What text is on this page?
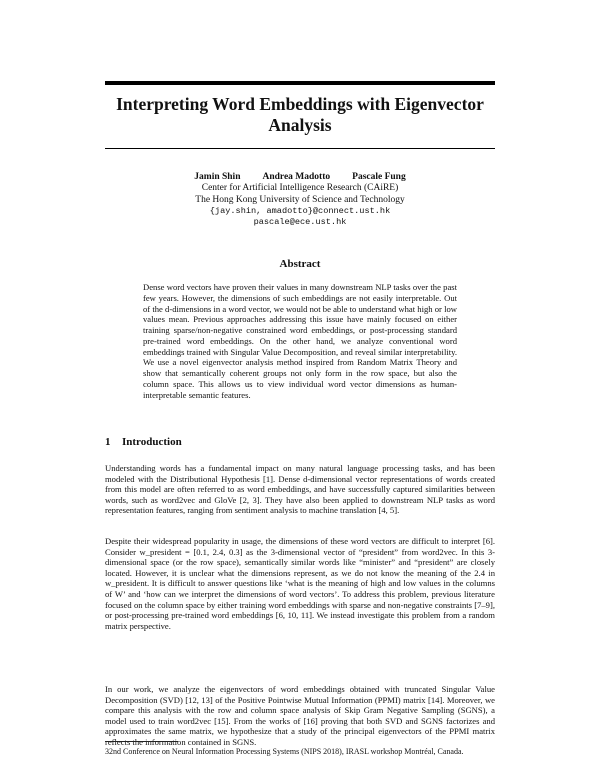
Interpreting Word Embeddings with Eigenvector Analysis
Jamin Shin Andrea Madotto Pascale Fung
Center for Artificial Intelligence Research (CAiRE)
The Hong Kong University of Science and Technology
{jay.shin, amadotto}@connect.ust.hk
pascale@ece.ust.hk
Abstract

Dense word vectors have proven their values in many downstream NLP tasks over the past few years. However, the dimensions of such embeddings are not easily interpretable. Out of the d-dimensions in a word vector, we would not be able to understand what high or low values mean. Previous approaches addressing this issue have mainly focused on either training sparse/non-negative constrained word embeddings, or post-processing standard pre-trained word embeddings. On the other hand, we analyze conventional word embeddings trained with Singular Value Decomposition, and reveal similar interpretability. We use a novel eigenvector analysis method inspired from Random Matrix Theory and show that semantically coherent groups not only form in the row space, but also the column space. This allows us to view individual word vector dimensions as human-interpretable semantic features.

1 Introduction

Understanding words has a fundamental impact on many natural language processing tasks, and has been modeled with the Distributional Hypothesis [1]. Dense d-dimensional vector representations of words created from this model are often referred to as word embeddings, and have successfully captured similarities between words, such as word2vec and GloVe [2, 3]. They have also been applied to downstream NLP tasks as word representation features, ranging from sentiment analysis to machine translation [4, 5].

Despite their widespread popularity in usage, the dimensions of these word vectors are difficult to interpret [6]. Consider w_president = [0.1, 2.4, 0.3] as the 3-dimensional vector of “president” from word2vec. In this 3-dimensional space (or the row space), semantically similar words like “minister” and “president” are closely located. However, it is unclear what the dimensions represent, as we do not know the meaning of the 2.4 in w_president. It is difficult to answer questions like ‘what is the meaning of high and low values in the columns of W’ and ‘how can we interpret the dimensions of word vectors’. To address this problem, previous literature focused on the column space by either training word embeddings with sparse and non-negative constraints [7–9], or post-processing pre-trained word embeddings [6, 10, 11]. We instead investigate this problem from a random matrix perspective.

In our work, we analyze the eigenvectors of word embeddings obtained with truncated Singular Value Decomposition (SVD) [12, 13] of the Positive Pointwise Mutual Information (PPMI) matrix [14]. Moreover, we compare this analysis with the row and column space analysis of Skip Gram Negative Sampling (SGNS), a model used to train word2vec [15]. From the works of [16] proving that both SVD and SGNS factorizes and approximates the same matrix, we hypothesize that a study of the principal eigenvectors of the PPMI matrix reflects the information contained in SGNS.

32nd Conference on Neural Information Processing Systems (NIPS 2018), IRASL workshop Montréal, Canada.
